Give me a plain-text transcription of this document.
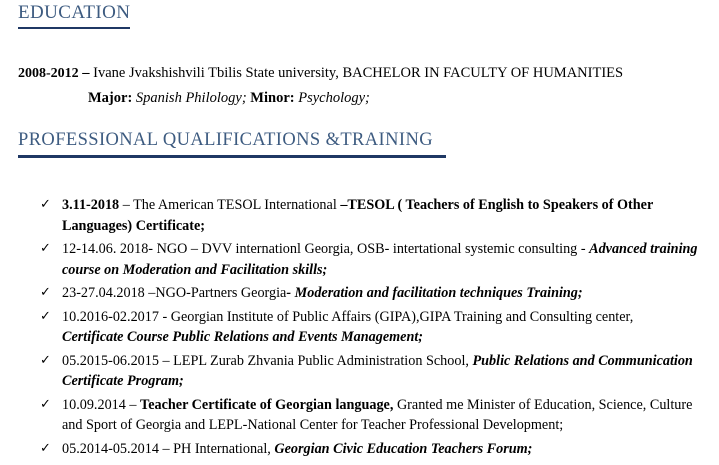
EDUCATION
2008-2012 – Ivane Jvakshishvili Tbilis State university, BACHELOR IN FACULTY OF HUMANITIES
Major: Spanish Philology; Minor: Psychology;
PROFESSIONAL QUALIFICATIONS &TRAINING
✓ 3.11-2018 – The American TESOL International –TESOL ( Teachers of English to Speakers of Other Languages) Certificate;
✓ 12-14.06. 2018- NGO – DVV internationl Georgia, OSB- intertational systemic consulting - Advanced training course on Moderation and Facilitation skills;
✓ 23-27.04.2018 –NGO-Partners Georgia- Moderation and facilitation techniques Training;
✓ 10.2016-02.2017 - Georgian Institute of Public Affairs (GIPA),GIPA Training and Consulting center, Certificate Course Public Relations and Events Management;
✓ 05.2015-06.2015 – LEPL Zurab Zhvania Public Administration School, Public Relations and Communication Certificate Program;
✓ 10.09.2014 – Teacher Certificate of Georgian language, Granted me Minister of Education, Science, Culture and Sport of Georgia and LEPL-National Center for Teacher Professional Development;
✓ 05.2014-05.2014 – PH International, Georgian Civic Education Teachers Forum;
